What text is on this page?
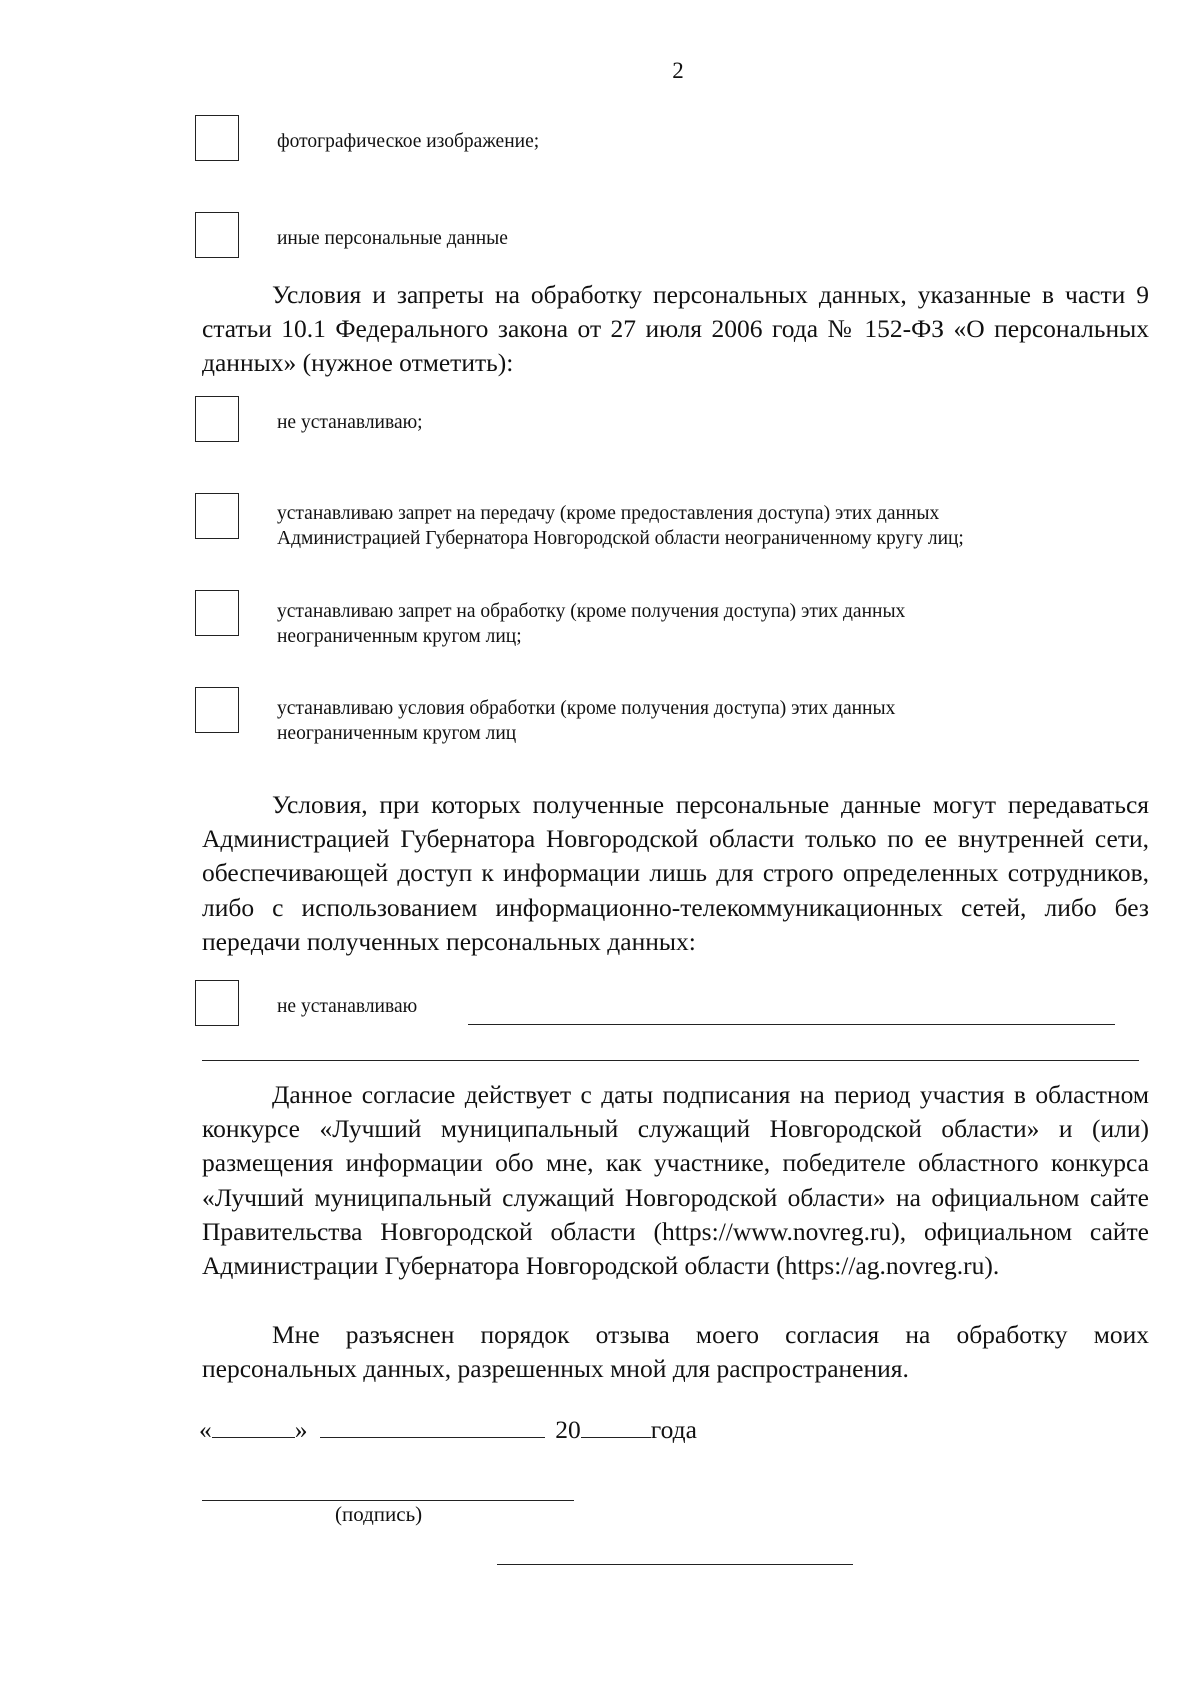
2
фотографическое изображение;
иные персональные данные
Условия и запреты на обработку персональных данных, указанные в части 9 статьи 10.1 Федерального закона от 27 июля 2006 года № 152-ФЗ «О персональных данных» (нужное отметить):
не устанавливаю;
устанавливаю запрет на передачу (кроме предоставления доступа) этих данных
Администрацией Губернатора Новгородской области неограниченному кругу лиц;
устанавливаю запрет на обработку (кроме получения доступа) этих данных
неограниченным кругом лиц;
устанавливаю условия обработки (кроме получения доступа) этих данных
неограниченным кругом лиц
Условия, при которых полученные персональные данные могут передаваться Администрацией Губернатора Новгородской области только по ее внутренней сети, обеспечивающей доступ к информации лишь для строго определенных сотрудников, либо с использованием информационно-телекоммуникационных сетей, либо без передачи полученных персональных данных:
не устанавливаю
Данное согласие действует с даты подписания на период участия в областном конкурсе «Лучший муниципальный служащий Новгородской области» и (или) размещения информации обо мне, как участнике, победителе областного конкурса «Лучший муниципальный служащий Новгородской области» на официальном сайте Правительства Новгородской области (https://www.novreg.ru), официальном сайте Администрации Губернатора Новгородской области (https://ag.novreg.ru).
Мне разъяснен порядок отзыва моего согласия на обработку моих персональных данных, разрешенных мной для распространения.
«	»	20	года
(подпись)
